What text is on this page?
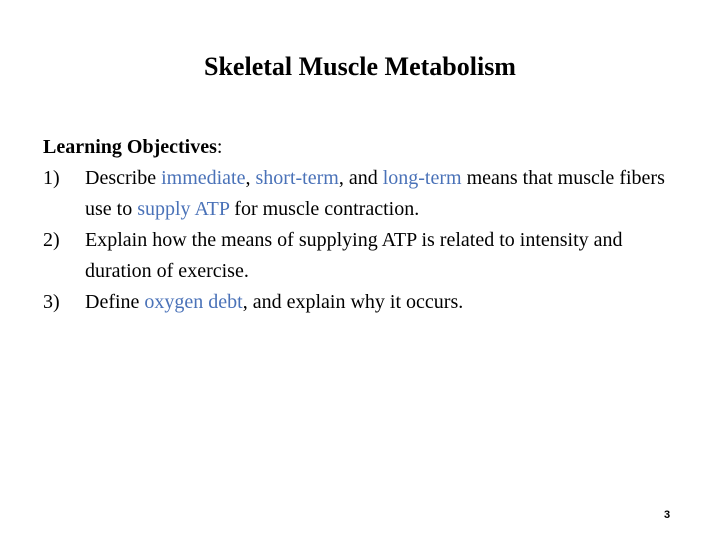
Skeletal Muscle Metabolism
Learning Objectives:
1) Describe immediate, short-term, and long-term means that muscle fibers use to supply ATP for muscle contraction.
2) Explain how the means of supplying ATP is related to intensity and duration of exercise.
3) Define oxygen debt, and explain why it occurs.
3
